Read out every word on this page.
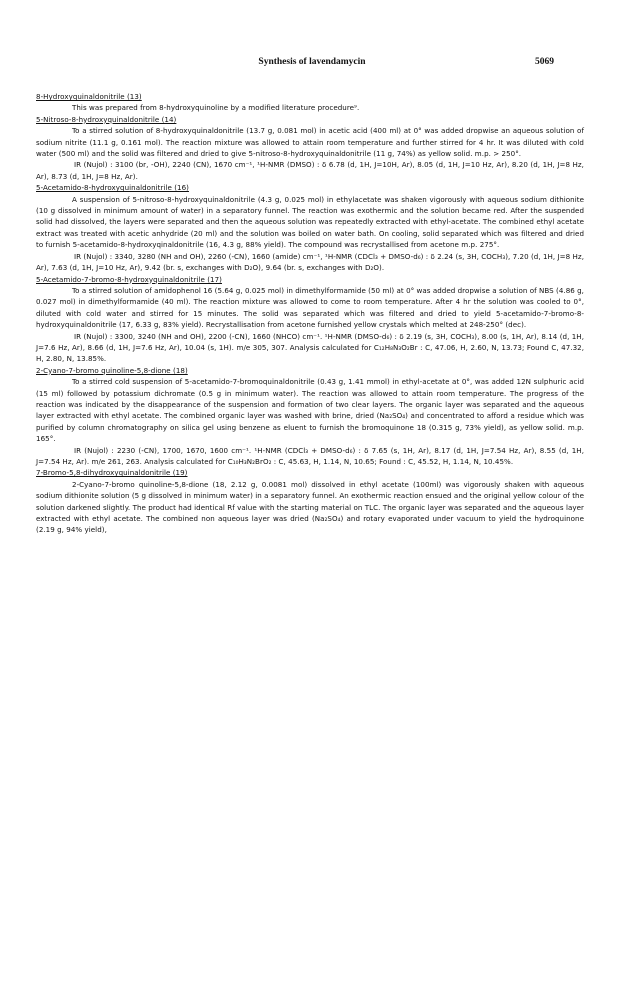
Synthesis of lavendamycin	5069
8-Hydroxyquinaldonitrile (13)
This was prepared from 8-hydroxyquinoline by a modified literature procedure⁹.
5-Nitroso-8-hydroxyquinaldonitrile (14)
To a stirred solution of 8-hydroxyquinaldonitrile (13.7 g, 0.081 mol) in acetic acid (400 ml) at 0° was added dropwise an aqueous solution of sodium nitrite (11.1 g, 0.161 mol). The reaction mixture was allowed to attain room temperature and further stirred for 4 hr. It was diluted with cold water (500 ml) and the solid was filtered and dried to give 5-nitroso-8-hydroxyquinaldonitrile (11 g, 74%) as yellow solid. m.p. > 250°.
IR (Nujol) : 3100 (br, -OH), 2240 (CN), 1670 cm⁻¹, ¹H-NMR (DMSO) : δ 6.78 (d, 1H, J=10H, Ar), 8.05 (d, 1H, J=10 Hz, Ar), 8.20 (d, 1H, J=8 Hz, Ar), 8.73 (d, 1H, J=8 Hz, Ar).
5-Acetamido-8-hydroxyquinaldonitrile (16)
A suspension of 5-nitroso-8-hydroxyquinaldonitrile (4.3 g, 0.025 mol) in ethylacetate was shaken vigorously with aqueous sodium dithionite (10 g dissolved in minimum amount of water) in a separatory funnel. The reaction was exothermic and the solution became red. After the suspended solid had dissolved, the layers were separated and then the aqueous solution was repeatedly extracted with ethyl-acetate. The combined ethyl acetate extract was treated with acetic anhydride (20 ml) and the solution was boiled on water bath. On cooling, solid separated which was filtered and dried to furnish 5-acetamido-8-hydroxyqinaldonitrile (16, 4.3 g, 88% yield). The compound was recrystallised from acetone m.p. 275°.
IR (Nujol) : 3340, 3280 (NH and OH), 2260 (-CN), 1660 (amide) cm⁻¹, ¹H-NMR (CDCl₃ + DMSO-d₆) : δ 2.24 (s, 3H, COCH₃), 7.20 (d, 1H, J=8 Hz, Ar), 7.63 (d, 1H, J=10 Hz, Ar), 9.42 (br. s, exchanges with D₂O), 9.64 (br. s, exchanges with D₂O).
5-Acetamido-7-bromo-8-hydroxyquinaldonitrile (17)
To a stirred solution of amidophenol 16 (5.64 g, 0.025 mol) in dimethylformamide (50 ml) at 0° was added dropwise a solution of NBS (4.86 g, 0.027 mol) in dimethylformamide (40 ml). The reaction mixture was allowed to come to room temperature. After 4 hr the solution was cooled to 0°, diluted with cold water and stirred for 15 minutes. The solid was separated which was filtered and dried to yield 5-acetamido-7-bromo-8-hydroxyquinaldonitrile (17, 6.33 g, 83% yield). Recrystallisation from acetone furnished yellow crystals which melted at 248-250° (dec).
IR (Nujol) : 3300, 3240 (NH and OH), 2200 (-CN), 1660 (NHCO) cm⁻¹. ¹H-NMR (DMSO-d₆) : δ 2.19 (s, 3H, COCH₃), 8.00 (s, 1H, Ar), 8.14 (d, 1H, J=7.6 Hz, Ar), 8.66 (d, 1H, J=7.6 Hz, Ar), 10.04 (s, 1H). m/e 305, 307. Analysis calculated for C₁₂H₈N₃O₂Br : C, 47.06, H, 2.60, N, 13.73; Found C, 47.32, H, 2.80, N, 13.85%.
2-Cyano-7-bromo quinoline-5,8-dione (18)
To a stirred cold suspension of 5-acetamido-7-bromoquinaldonitrile (0.43 g, 1.41 mmol) in ethyl-acetate at 0°, was added 12N sulphuric acid (15 ml) followed by potassium dichromate (0.5 g in minimum water). The reaction was allowed to attain room temperature. The progress of the reaction was indicated by the disappearance of the suspension and formation of two clear layers. The organic layer was separated and the aqueous layer extracted with ethyl acetate. The combined organic layer was washed with brine, dried (Na₂SO₄) and concentrated to afford a residue which was purified by column chromatography on silica gel using benzene as eluent to furnish the bromoquinone 18 (0.315 g, 73% yield), as yellow solid. m.p. 165°.
IR (Nujol) : 2230 (-CN), 1700, 1670, 1600 cm⁻¹. ¹H-NMR (CDCl₃ + DMSO-d₆) : δ 7.65 (s, 1H, Ar), 8.17 (d, 1H, J=7.54 Hz, Ar), 8.55 (d, 1H, J=7.54 Hz, Ar). m/e 261, 263. Analysis calculated for C₁₀H₃N₂BrO₂ : C, 45.63, H, 1.14, N, 10.65; Found : C, 45.52, H, 1.14, N, 10.45%.
7-Bromo-5,8-dihydroxyquinaldonitrile (19)
2-Cyano-7-bromo quinoline-5,8-dione (18, 2.12 g, 0.0081 mol) dissolved in ethyl acetate (100ml) was vigorously shaken with aqueous sodium dithionite solution (5 g dissolved in minimum water) in a separatory funnel. An exothermic reaction ensued and the original yellow colour of the solution darkened slightly. The product had identical Rf value with the starting material on TLC. The organic layer was separated and the aqueous layer extracted with ethyl acetate. The combined non aqueous layer was dried (Na₂SO₄) and rotary evaporated under vacuum to yield the hydroquinone (2.19 g, 94% yield),
